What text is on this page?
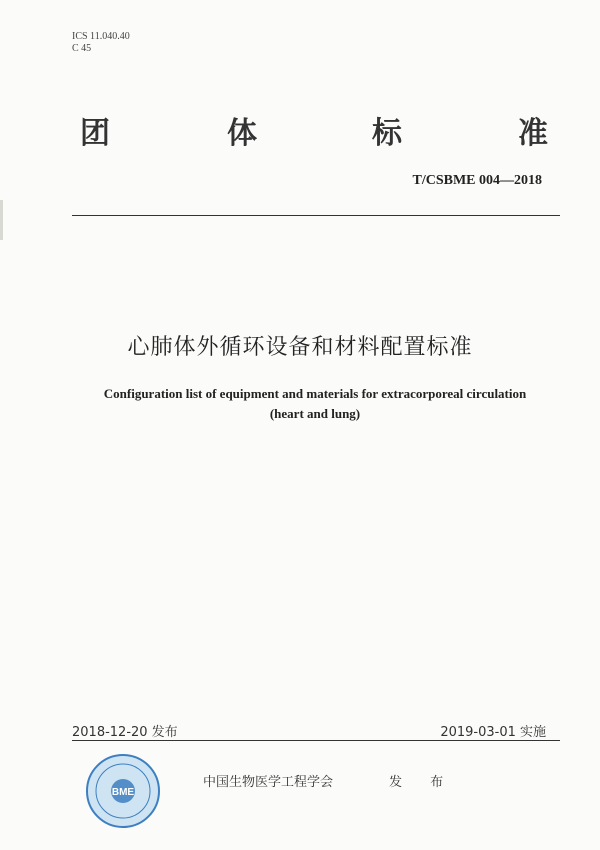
ICS 11.040.40
C 45
团	体	标	准
T/CSBME 004—2018
心肺体外循环设备和材料配置标准
Configuration list of equipment and materials for extracorporeal circulation
(heart and lung)
2018-12-20 发布	2019-03-01 实施
BME
中国生物医学工程学会	发 布
